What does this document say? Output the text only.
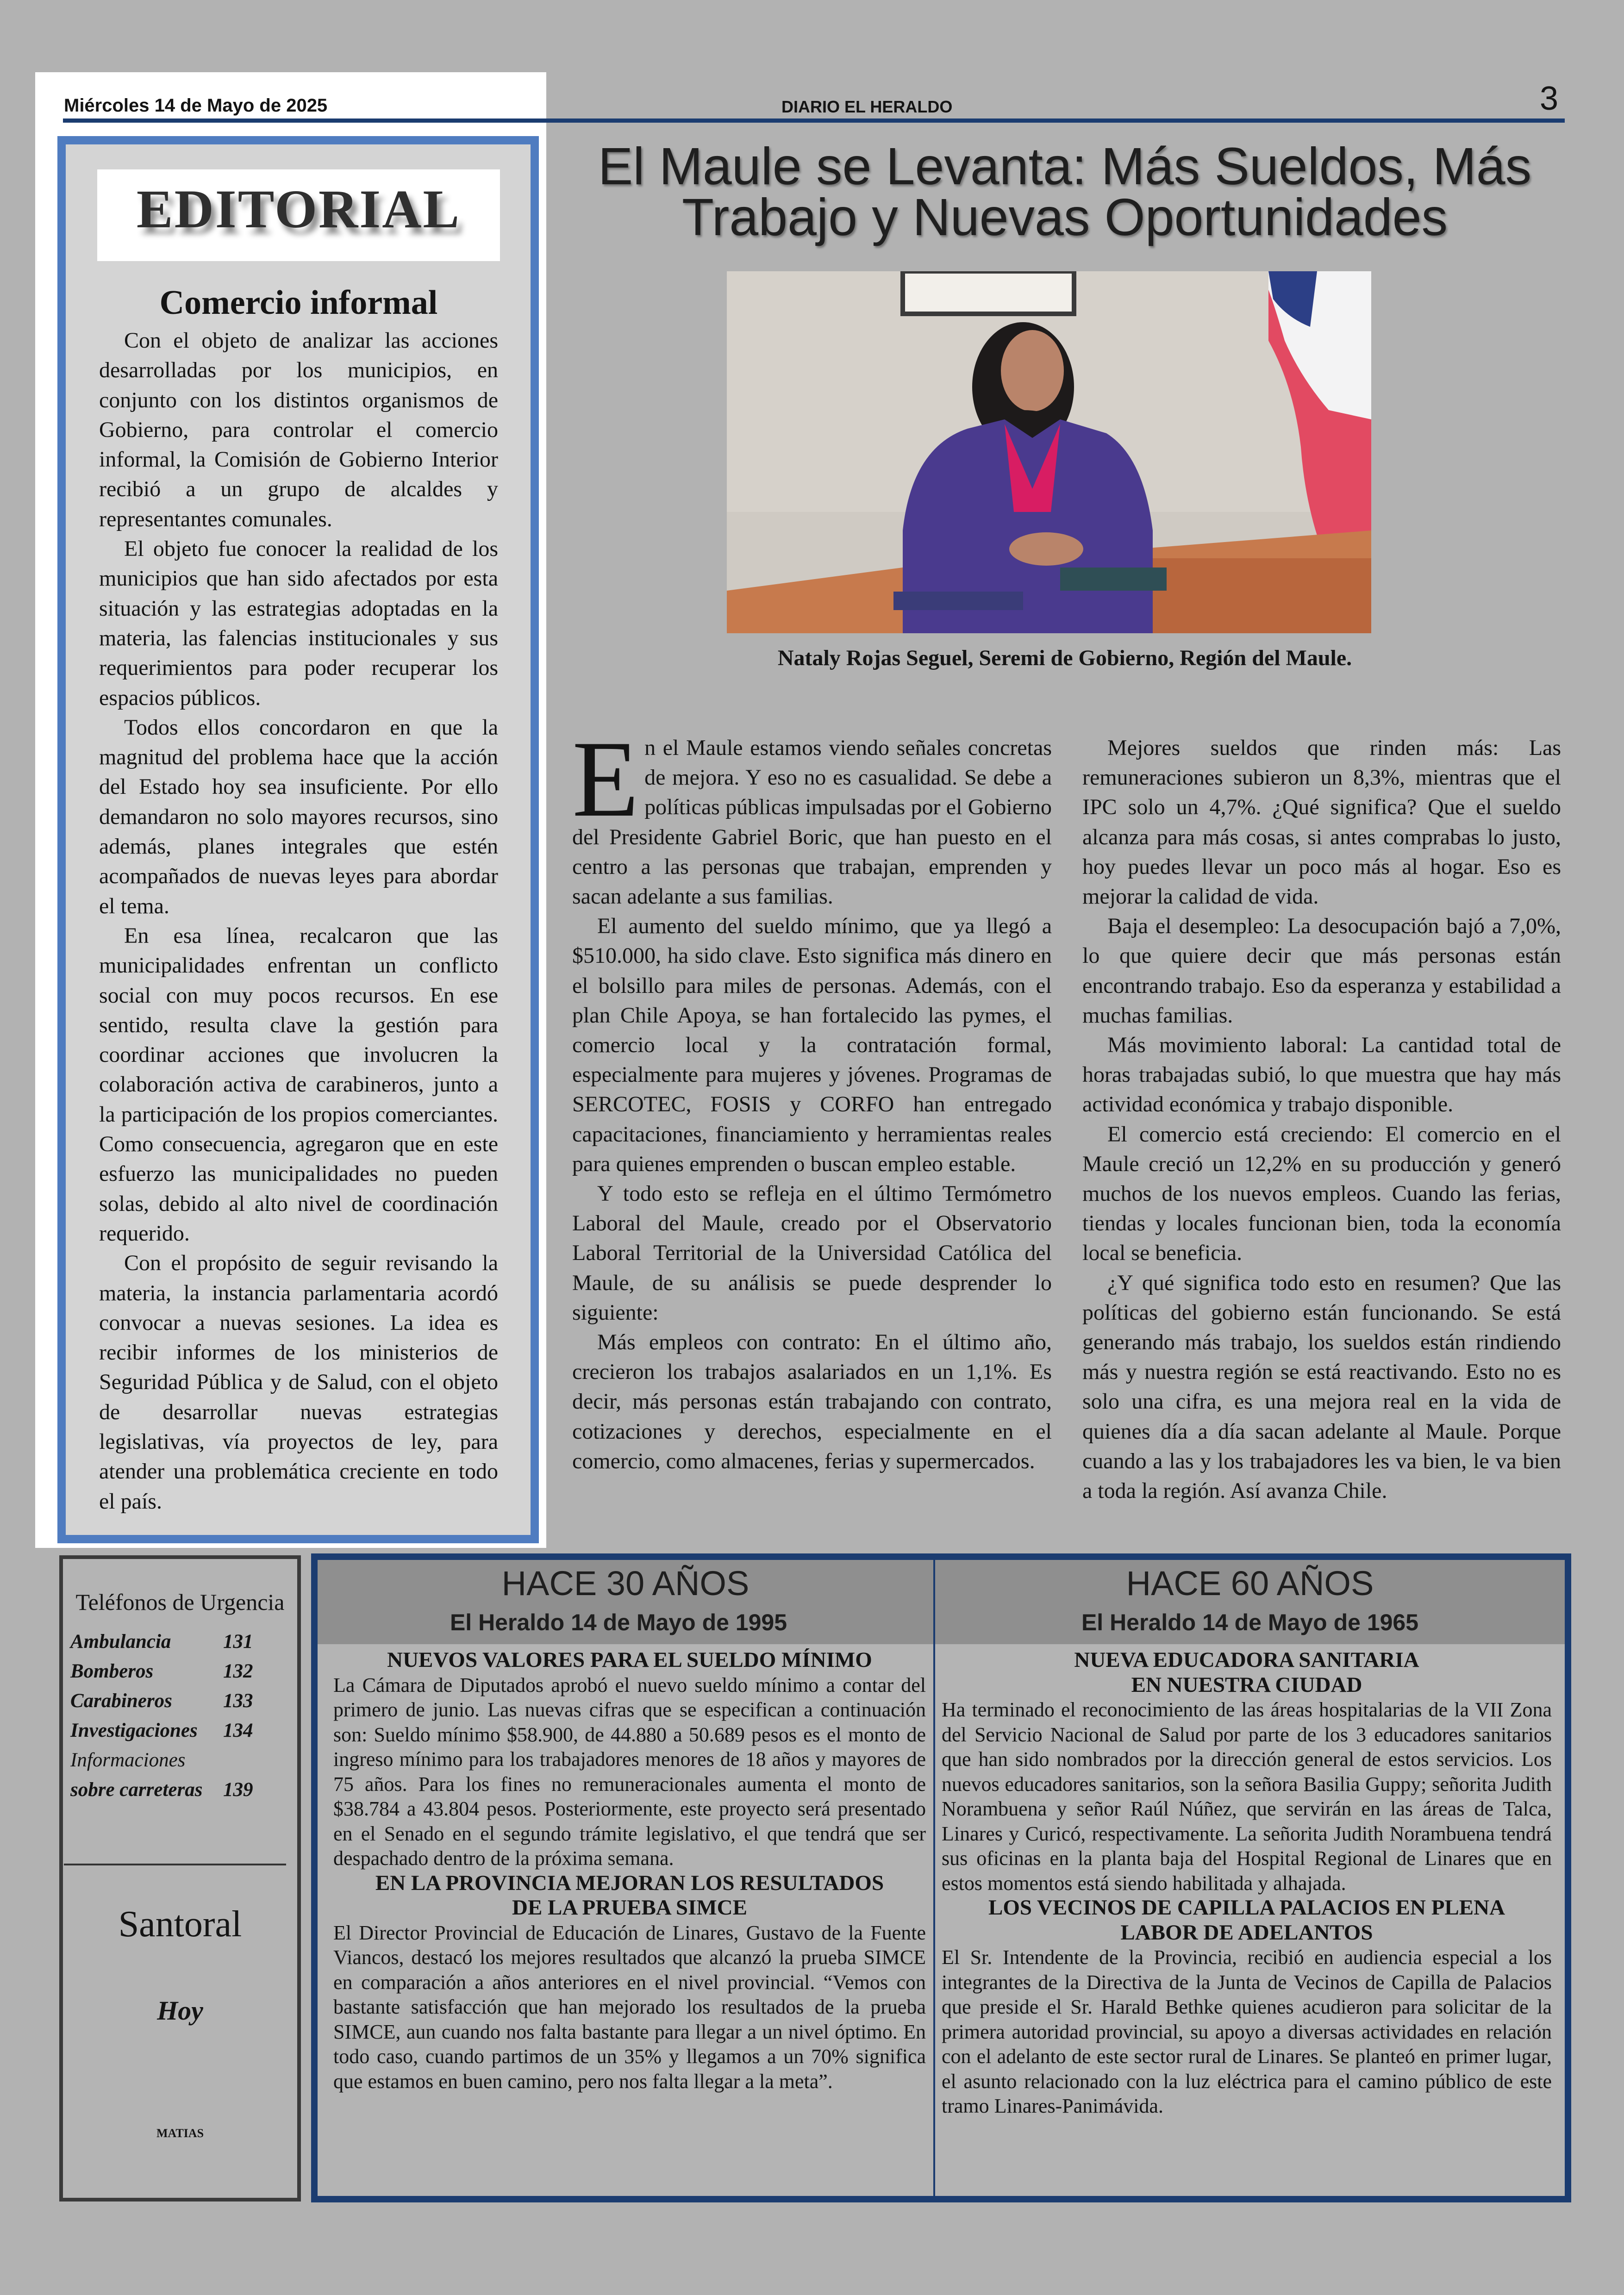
Miércoles 14 de Mayo de 2025	DIARIO EL HERALDO	3
EDITORIAL
Comercio informal

Con el objeto de analizar las acciones desarrolladas por los municipios, en conjunto con los distintos organismos de Gobierno, para controlar el comercio informal, la Comisión de Gobierno Interior recibió a un grupo de alcaldes y representantes comunales.

El objeto fue conocer la realidad de los municipios que han sido afectados por esta situación y las estrategias adoptadas en la materia, las falencias institucionales y sus requerimientos para poder recuperar los espacios públicos.

Todos ellos concordaron en que la magnitud del problema hace que la acción del Estado hoy sea insuficiente. Por ello demandaron no solo mayores recursos, sino además, planes integrales que estén acompañados de nuevas leyes para abordar el tema.

En esa línea, recalcaron que las municipalidades enfrentan un conflicto social con muy pocos recursos. En ese sentido, resulta clave la gestión para coordinar acciones que involucren la colaboración activa de carabineros, junto a la participación de los propios comerciantes. Como consecuencia, agregaron que en este esfuerzo las municipalidades no pueden solas, debido al alto nivel de coordinación requerido.

Con el propósito de seguir revisando la materia, la instancia parlamentaria acordó convocar a nuevas sesiones. La idea es recibir informes de los ministerios de Seguridad Pública y de Salud, con el objeto de desarrollar nuevas estrategias legislativas, vía proyectos de ley, para atender una problemática creciente en todo el país.

El Maule se Levanta: Más Sueldos, Más
Trabajo y Nuevas Oportunidades
Nataly Rojas Seguel, Seremi de Gobierno, Región del Maule.

En el Maule estamos viendo señales concretas de mejora. Y eso no es casualidad. Se debe a políticas públicas impulsadas por el Gobierno del Presidente Gabriel Boric, que han puesto en el centro a las personas que trabajan, emprenden y sacan adelante a sus familias.

El aumento del sueldo mínimo, que ya llegó a $510.000, ha sido clave. Esto significa más dinero en el bolsillo para miles de personas. Además, con el plan Chile Apoya, se han fortalecido las pymes, el comercio local y la contratación formal, especialmente para mujeres y jóvenes. Programas de SERCOTEC, FOSIS y CORFO han entregado capacitaciones, financiamiento y herramientas reales para quienes emprenden o buscan empleo estable.

Y todo esto se refleja en el último Termómetro Laboral del Maule, creado por el Observatorio Laboral Territorial de la Universidad Católica del Maule, de su análisis se puede desprender lo siguiente:

Más empleos con contrato: En el último año, crecieron los trabajos asalariados en un 1,1%. Es decir, más personas están trabajando con contrato, cotizaciones y derechos, especialmente en el comercio, como almacenes, ferias y supermercados.

Mejores sueldos que rinden más: Las remuneraciones subieron un 8,3%, mientras que el IPC solo un 4,7%. ¿Qué significa? Que el sueldo alcanza para más cosas, si antes comprabas lo justo, hoy puedes llevar un poco más al hogar. Eso es mejorar la calidad de vida.

Baja el desempleo: La desocupación bajó a 7,0%, lo que quiere decir que más personas están encontrando trabajo. Eso da esperanza y estabilidad a muchas familias.

Más movimiento laboral: La cantidad total de horas trabajadas subió, lo que muestra que hay más actividad económica y trabajo disponible.

El comercio está creciendo: El comercio en el Maule creció un 12,2% en su producción y generó muchos de los nuevos empleos. Cuando las ferias, tiendas y locales funcionan bien, toda la economía local se beneficia.

¿Y qué significa todo esto en resumen? Que las políticas del gobierno están funcionando. Se está generando más trabajo, los sueldos están rindiendo más y nuestra región se está reactivando. Esto no es solo una cifra, es una mejora real en la vida de quienes día a día sacan adelante al Maule. Porque cuando a las y los trabajadores les va bien, le va bien a toda la región. Así avanza Chile.

Teléfonos de Urgencia
Ambulancia	131
Bomberos	132
Carabineros	133
Investigaciones	134
Informaciones
sobre carreteras	139
Santoral
Hoy
MATIAS
HACE 30 AÑOS
El Heraldo 14 de Mayo de 1995
HACE 60 AÑOS
El Heraldo 14 de Mayo de 1965
NUEVOS VALORES PARA EL SUELDO MÍNIMO

La Cámara de Diputados aprobó el nuevo sueldo mínimo a contar del primero de junio. Las nuevas cifras que se especifican a continuación son: Sueldo mínimo $58.900, de 44.880 a 50.689 pesos es el monto de ingreso mínimo para los trabajadores menores de 18 años y mayores de 75 años. Para los fines no remuneracionales aumenta el monto de $38.784 a 43.804 pesos. Posteriormente, este proyecto será presentado en el Senado en el segundo trámite legislativo, el que tendrá que ser despachado dentro de la próxima semana.

EN LA PROVINCIA MEJORAN LOS RESULTADOS
DE LA PRUEBA SIMCE

El Director Provincial de Educación de Linares, Gustavo de la Fuente Viancos, destacó los mejores resultados que alcanzó la prueba SIMCE en comparación a años anteriores en el nivel provincial. “Vemos con bastante satisfacción que han mejorado los resultados de la prueba SIMCE, aun cuando nos falta bastante para llegar a un nivel óptimo. En todo caso, cuando partimos de un 35% y llegamos a un 70% significa que estamos en buen camino, pero nos falta llegar a la meta”.

NUEVA EDUCADORA SANITARIA
EN NUESTRA CIUDAD

Ha terminado el reconocimiento de las áreas hospitalarias de la VII Zona del Servicio Nacional de Salud por parte de los 3 educadores sanitarios que han sido nombrados por la dirección general de estos servicios. Los nuevos educadores sanitarios, son la señora Basilia Guppy; señorita Judith Norambuena y señor Raúl Núñez, que servirán en las áreas de Talca, Linares y Curicó, respectivamente. La señorita Judith Norambuena tendrá sus oficinas en la planta baja del Hospital Regional de Linares que en estos momentos está siendo habilitada y alhajada.

LOS VECINOS DE CAPILLA PALACIOS EN PLENA
LABOR DE ADELANTOS

El Sr. Intendente de la Provincia, recibió en audiencia especial a los integrantes de la Directiva de la Junta de Vecinos de Capilla de Palacios que preside el Sr. Harald Bethke quienes acudieron para solicitar de la primera autoridad provincial, su apoyo a diversas actividades en relación con el adelanto de este sector rural de Linares. Se planteó en primer lugar, el asunto relacionado con la luz eléctrica para el camino público de este tramo Linares-Panimávida.
